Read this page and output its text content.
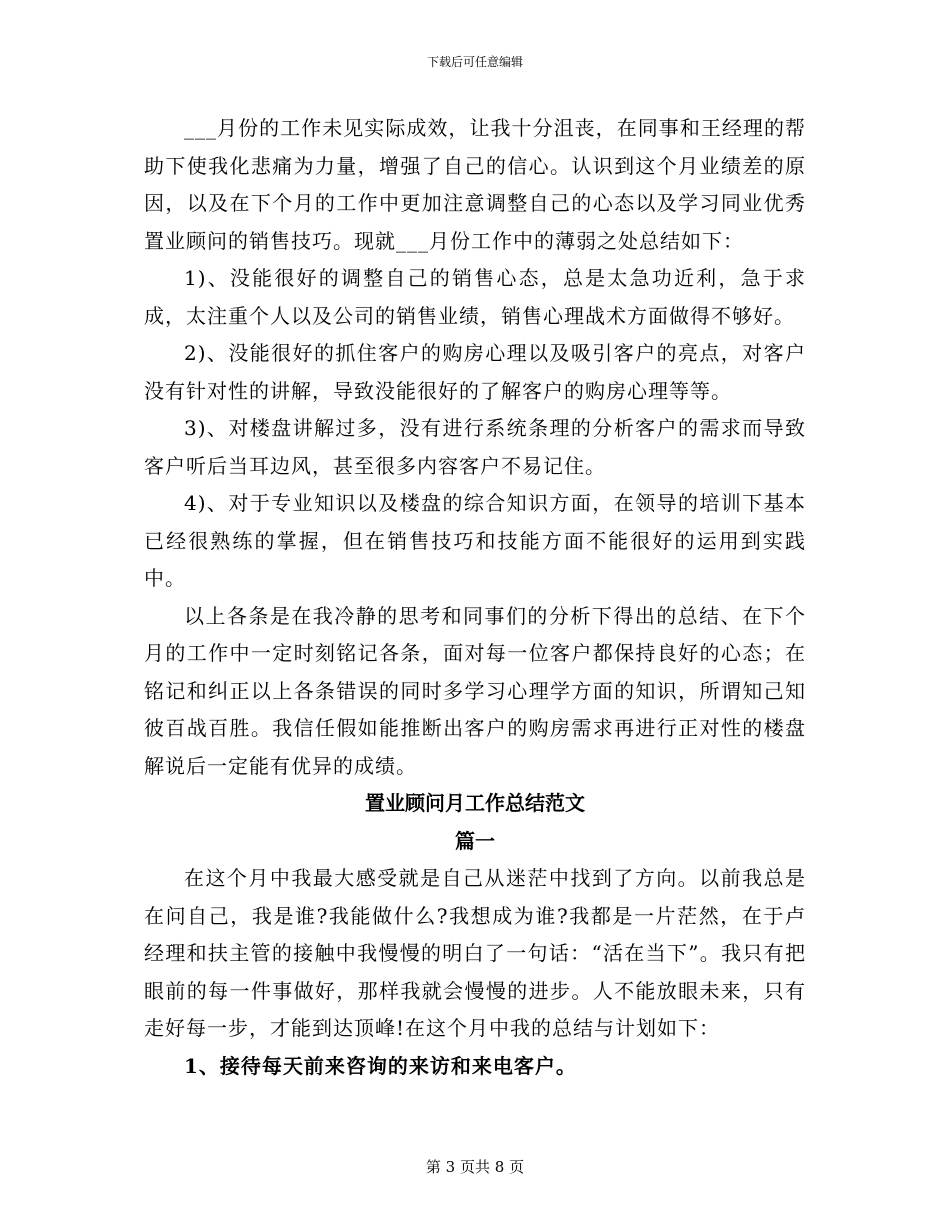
下载后可任意编辑

___月份的工作未见实际成效，让我十分沮丧，在同事和王经理的帮助下使我化悲痛为力量，增强了自己的信心。认识到这个月业绩差的原因，以及在下个月的工作中更加注意调整自己的心态以及学习同业优秀置业顾问的销售技巧。现就___月份工作中的薄弱之处总结如下：

1)、没能很好的调整自己的销售心态，总是太急功近利，急于求成，太注重个人以及公司的销售业绩，销售心理战术方面做得不够好。

2)、没能很好的抓住客户的购房心理以及吸引客户的亮点，对客户没有针对性的讲解，导致没能很好的了解客户的购房心理等等。

3)、对楼盘讲解过多，没有进行系统条理的分析客户的需求而导致客户听后当耳边风，甚至很多内容客户不易记住。

4)、对于专业知识以及楼盘的综合知识方面，在领导的培训下基本已经很熟练的掌握，但在销售技巧和技能方面不能很好的运用到实践中。

以上各条是在我冷静的思考和同事们的分析下得出的总结、在下个月的工作中一定时刻铭记各条，面对每一位客户都保持良好的心态；在铭记和纠正以上各条错误的同时多学习心理学方面的知识，所谓知己知彼百战百胜。我信任假如能推断出客户的购房需求再进行正对性的楼盘解说后一定能有优异的成绩。

置业顾问月工作总结范文

篇一

在这个月中我最大感受就是自己从迷茫中找到了方向。以前我总是在问自己，我是谁?我能做什么?我想成为谁?我都是一片茫然，在于卢经理和扶主管的接触中我慢慢的明白了一句话：“活在当下”。我只有把眼前的每一件事做好，那样我就会慢慢的进步。人不能放眼未来，只有走好每一步，才能到达顶峰!在这个月中我的总结与计划如下：

1、接待每天前来咨询的来访和来电客户。

第 3 页共 8 页
